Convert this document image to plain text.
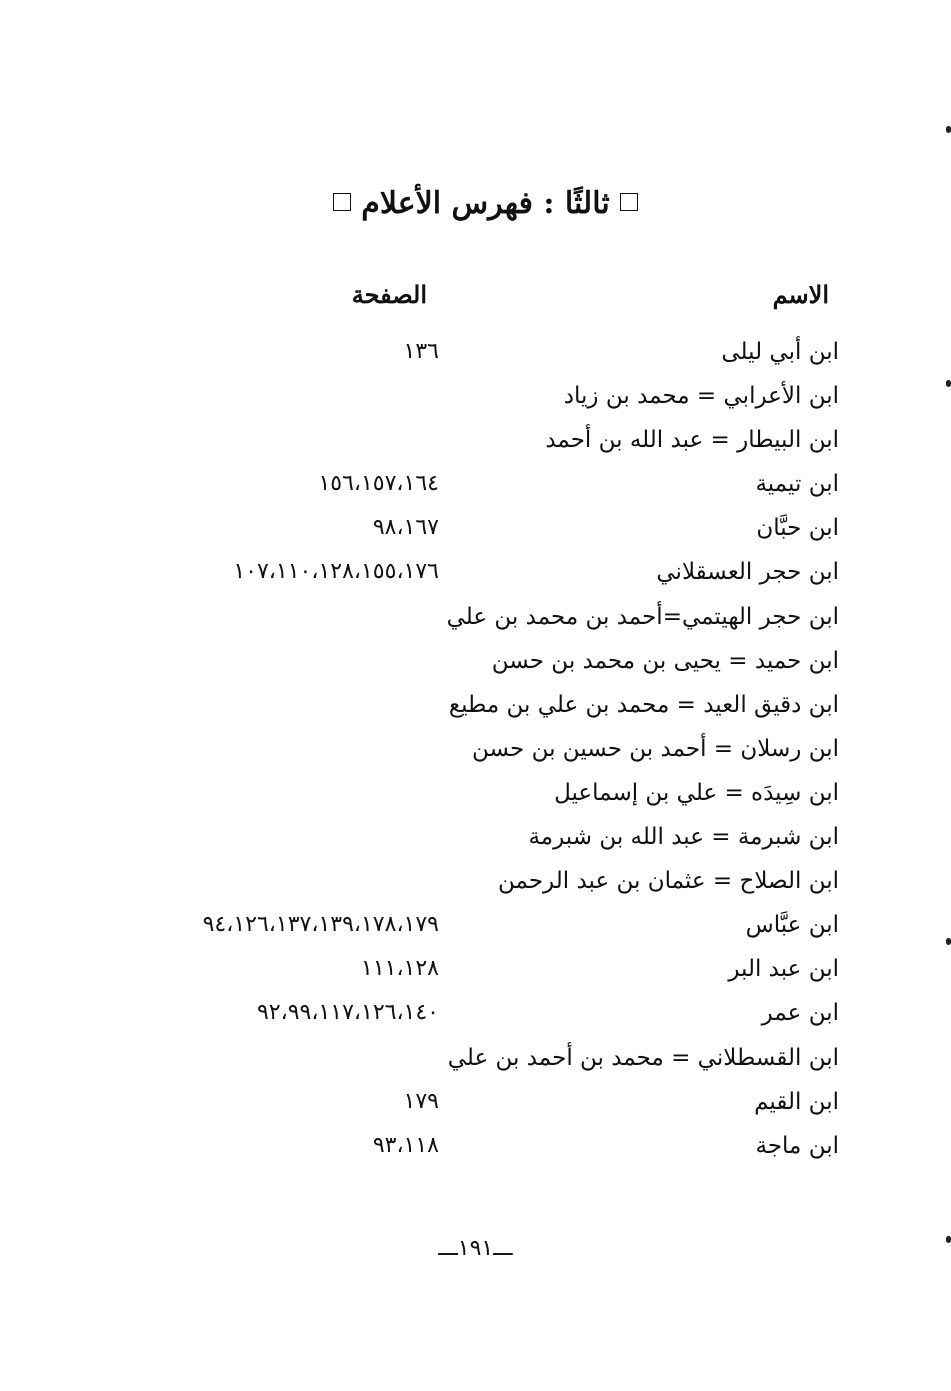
ثالثًا : فهرس الأعلام
الاسم
الصفحة
ابن أبي ليلى
١٣٦
ابن الأعرابي = محمد بن زياد
ابن البيطار = عبد الله بن أحمد
ابن تيمية
١٥٦،١٥٧،١٦٤
ابن حبَّان
٩٨،١٦٧
ابن حجر العسقلاني
١٠٧،١١٠،١٢٨،١٥٥،١٧٦
ابن حجر الهيتمي=أحمد بن محمد بن علي
ابن حميد = يحيى بن محمد بن حسن
ابن دقيق العيد = محمد بن علي بن مطيع
ابن رسلان = أحمد بن حسين بن حسن
ابن سِيدَه = علي بن إسماعيل
ابن شبرمة = عبد الله بن شبرمة
ابن الصلاح = عثمان بن عبد الرحمن
ابن عبَّاس
٩٤،١٢٦،١٣٧،١٣٩،١٧٨،١٧٩
ابن عبد البر
١١١،١٢٨
ابن عمر
٩٢،٩٩،١١٧،١٢٦،١٤٠
ابن القسطلاني = محمد بن أحمد بن علي
ابن القيم
١٧٩
ابن ماجة
٩٣،١١٨
ـــ١٩١ـــ
